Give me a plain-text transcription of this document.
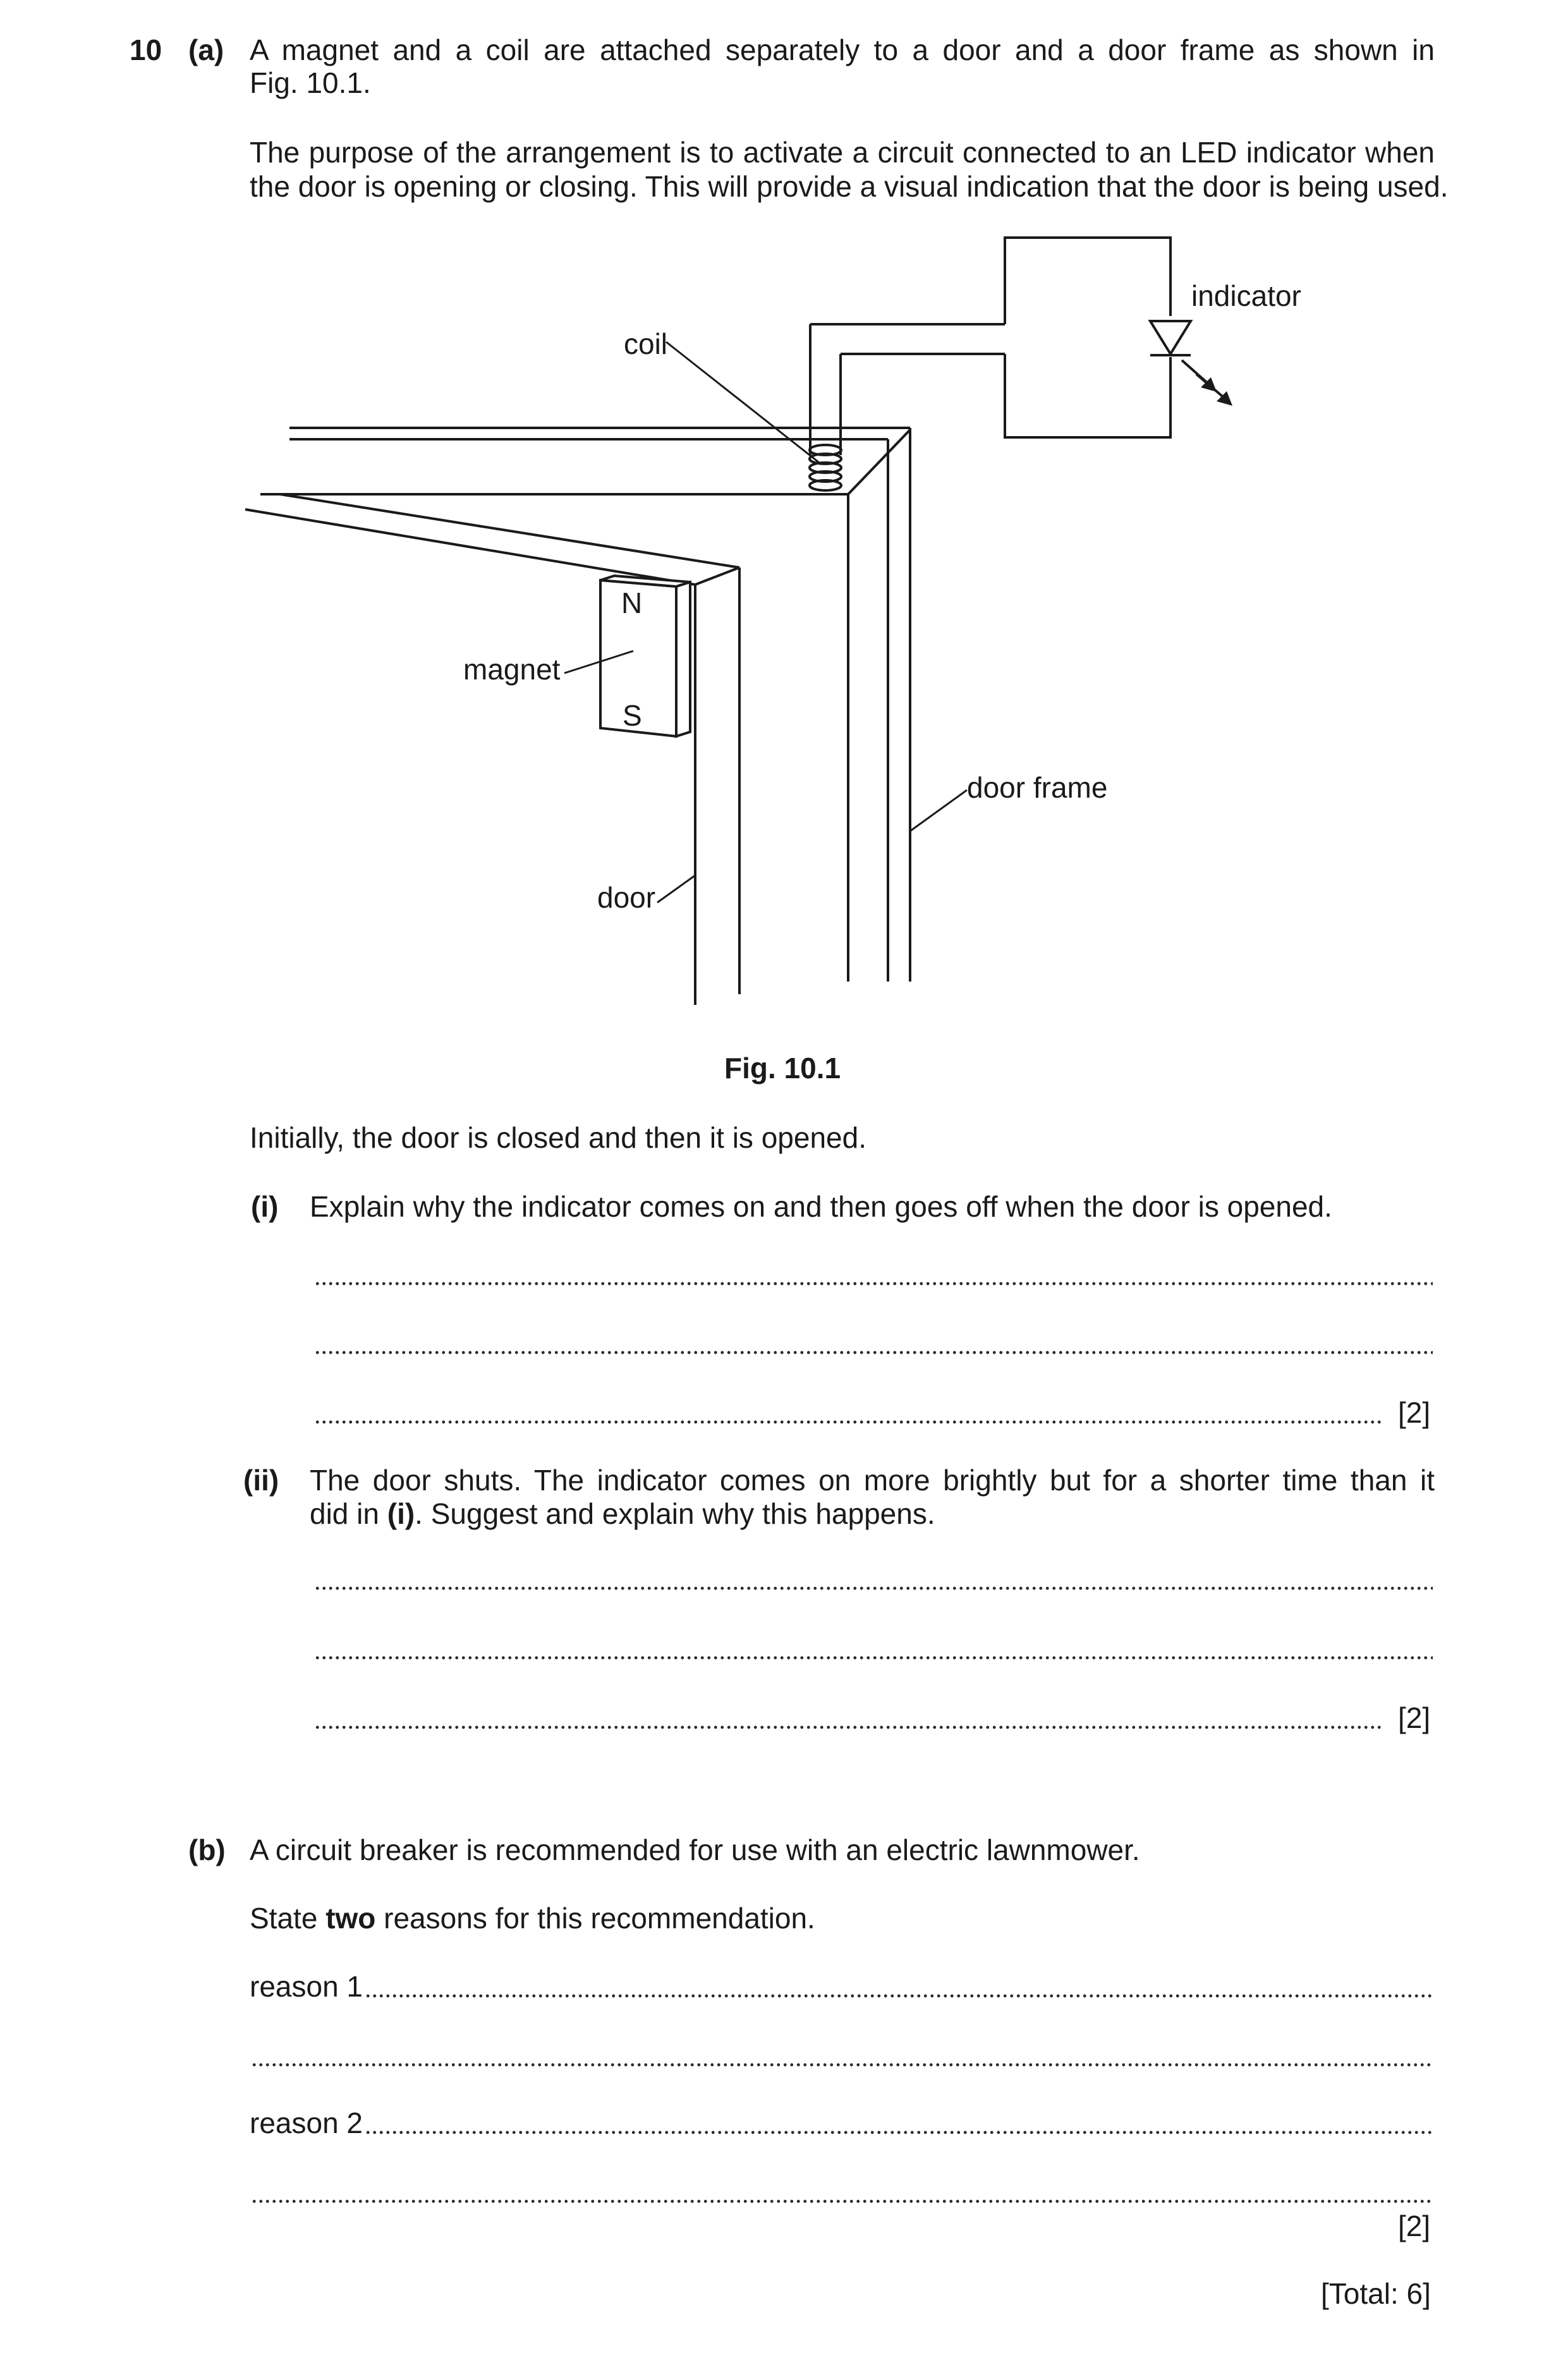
10 (a) A magnet and a coil are attached separately to a door and a door frame as shown in
Fig. 10.1.
The purpose of the arrangement is to activate a circuit connected to an LED indicator when
the door is opening or closing. This will provide a visual indication that the door is being used.
coil
indicator
N
S
magnet
door frame
door
Fig. 10.1
Initially, the door is closed and then it is opened.
(i) Explain why the indicator comes on and then goes off when the door is opened.
[2]
(ii) The door shuts. The indicator comes on more brightly but for a shorter time than it
did in (i). Suggest and explain why this happens.
[2]
(b) A circuit breaker is recommended for use with an electric lawnmower.
State two reasons for this recommendation.
reason 1
reason 2
[2]
[Total: 6]
